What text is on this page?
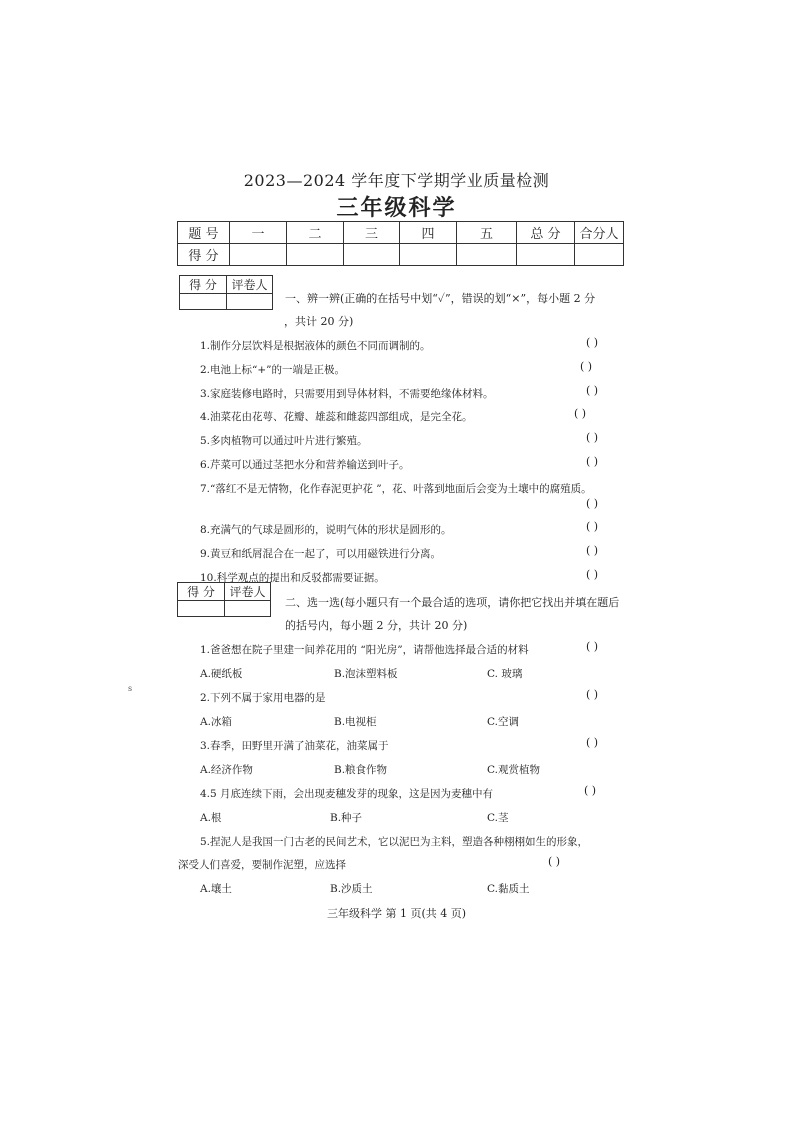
2023—2024 学年度下学期学业质量检测
三年级科学
题 号	一	二	三	四	五	总 分	合分人
得 分							
得 分	评卷人

一、辨一辨(正确的在括号中划“✓”，错误的划“×”，每小题 2 分
，共计 20 分)
1.制作分层饮料是根据液体的颜色不同而调制的。	( )
2.电池上标“+”的一端是正极。	( )
3.家庭装修电路时，只需要用到导体材料，不需要绝缘体材料。	( )
4.油菜花由花萼、花瓣、雄蕊和雌蕊四部组成，是完全花。	( )
5.多肉植物可以通过叶片进行繁殖。	( )
6.芹菜可以通过茎把水分和营养输送到叶子。	( )
7.“落红不是无情物，化作春泥更护花 ”，花、叶落到地面后会变为土壤中的腐殖质。
( )
8.充满气的气球是圆形的，说明气体的形状是圆形的。	( )
9.黄豆和纸屑混合在一起了，可以用磁铁进行分离。	( )
10.科学观点的提出和反驳都需要证据。	( )
得 分	评卷人

二、选一选(每小题只有一个最合适的选项，请你把它找出并填在题后
的括号内，每小题 2 分，共计 20 分)
s
1.爸爸想在院子里建一间养花用的 “阳光房”，请帮他选择最合适的材料	( )
A.硬纸板	B.泡沫塑料板	C. 玻璃
2.下列不属于家用电器的是	( )
A.冰箱	B.电视柜	C.空调
3.春季，田野里开满了油菜花，油菜属于	( )
A.经济作物	B.粮食作物	C.观赏植物
4.5 月底连续下雨，会出现麦穗发芽的现象，这是因为麦穗中有	( )
A.根	B.种子	C.茎
5.捏泥人是我国一门古老的民间艺术，它以泥巴为主料，塑造各种栩栩如生的形象，
深受人们喜爱，要制作泥塑，应选择	( )
A.壤土	B.沙质土	C.黏质土
三年级科学 第 1 页(共 4 页)
